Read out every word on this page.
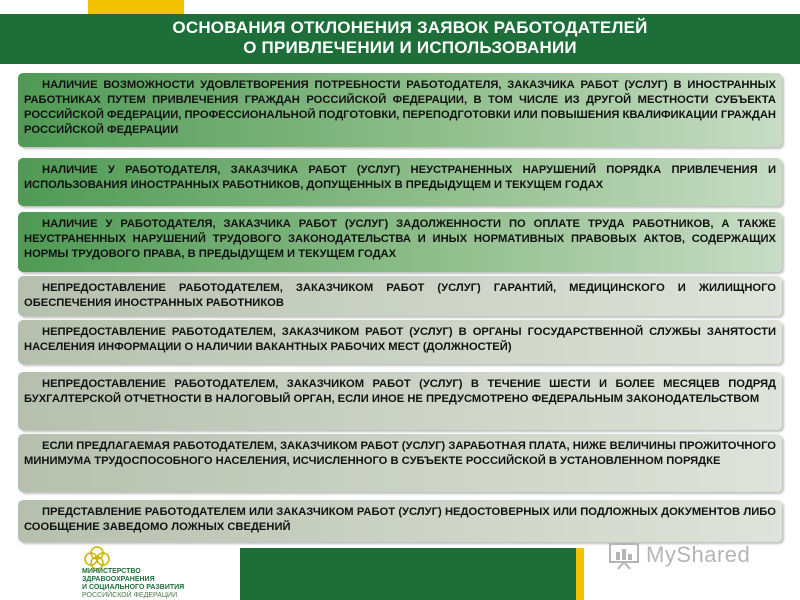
ОСНОВАНИЯ ОТКЛОНЕНИЯ ЗАЯВОК РАБОТОДАТЕЛЕЙ
О ПРИВЛЕЧЕНИИ И ИСПОЛЬЗОВАНИИ
НАЛИЧИЕ ВОЗМОЖНОСТИ УДОВЛЕТВОРЕНИЯ ПОТРЕБНОСТИ РАБОТОДАТЕЛЯ, ЗАКАЗЧИКА РАБОТ (УСЛУГ) В ИНОСТРАННЫХ РАБОТНИКАХ ПУТЕМ ПРИВЛЕЧЕНИЯ ГРАЖДАН РОССИЙСКОЙ ФЕДЕРАЦИИ, В ТОМ ЧИСЛЕ ИЗ ДРУГОЙ МЕСТНОСТИ СУБЪЕКТА РОССИЙСКОЙ ФЕДЕРАЦИИ, ПРОФЕССИОНАЛЬНОЙ ПОДГОТОВКИ, ПЕРЕПОДГОТОВКИ ИЛИ ПОВЫШЕНИЯ КВАЛИФИКАЦИИ ГРАЖДАН РОССИЙСКОЙ ФЕДЕРАЦИИ
НАЛИЧИЕ У РАБОТОДАТЕЛЯ, ЗАКАЗЧИКА РАБОТ (УСЛУГ) НЕУСТРАНЕННЫХ НАРУШЕНИЙ ПОРЯДКА ПРИВЛЕЧЕНИЯ И ИСПОЛЬЗОВАНИЯ ИНОСТРАННЫХ РАБОТНИКОВ, ДОПУЩЕННЫХ В ПРЕДЫДУЩЕМ И ТЕКУЩЕМ ГОДАХ
НАЛИЧИЕ У РАБОТОДАТЕЛЯ, ЗАКАЗЧИКА РАБОТ (УСЛУГ) ЗАДОЛЖЕННОСТИ ПО ОПЛАТЕ ТРУДА РАБОТНИКОВ, А ТАКЖЕ НЕУСТРАНЕННЫХ НАРУШЕНИЙ ТРУДОВОГО ЗАКОНОДАТЕЛЬСТВА И ИНЫХ НОРМАТИВНЫХ ПРАВОВЫХ АКТОВ, СОДЕРЖАЩИХ НОРМЫ ТРУДОВОГО ПРАВА, В ПРЕДЫДУЩЕМ И ТЕКУЩЕМ ГОДАХ
НЕПРЕДОСТАВЛЕНИЕ РАБОТОДАТЕЛЕМ, ЗАКАЗЧИКОМ РАБОТ (УСЛУГ) ГАРАНТИЙ, МЕДИЦИНСКОГО И ЖИЛИЩНОГО ОБЕСПЕЧЕНИЯ ИНОСТРАННЫХ РАБОТНИКОВ
НЕПРЕДОСТАВЛЕНИЕ РАБОТОДАТЕЛЕМ, ЗАКАЗЧИКОМ РАБОТ (УСЛУГ) В ОРГАНЫ ГОСУДАРСТВЕННОЙ СЛУЖБЫ ЗАНЯТОСТИ НАСЕЛЕНИЯ ИНФОРМАЦИИ О НАЛИЧИИ ВАКАНТНЫХ РАБОЧИХ МЕСТ (ДОЛЖНОСТЕЙ)
НЕПРЕДОСТАВЛЕНИЕ РАБОТОДАТЕЛЕМ, ЗАКАЗЧИКОМ РАБОТ (УСЛУГ) В ТЕЧЕНИЕ ШЕСТИ И БОЛЕЕ МЕСЯЦЕВ ПОДРЯД БУХГАЛТЕРСКОЙ ОТЧЕТНОСТИ В НАЛОГОВЫЙ ОРГАН, ЕСЛИ ИНОЕ НЕ ПРЕДУСМОТРЕНО ФЕДЕРАЛЬНЫМ ЗАКОНОДАТЕЛЬСТВОМ
ЕСЛИ ПРЕДЛАГАЕМАЯ РАБОТОДАТЕЛЕМ, ЗАКАЗЧИКОМ РАБОТ (УСЛУГ) ЗАРАБОТНАЯ ПЛАТА, НИЖЕ ВЕЛИЧИНЫ ПРОЖИТОЧНОГО МИНИМУМА ТРУДОСПОСОБНОГО НАСЕЛЕНИЯ, ИСЧИСЛЕННОГО В СУБЪЕКТЕ РОССИЙСКОЙ В УСТАНОВЛЕННОМ ПОРЯДКЕ
ПРЕДСТАВЛЕНИЕ РАБОТОДАТЕЛЕМ ИЛИ ЗАКАЗЧИКОМ РАБОТ (УСЛУГ) НЕДОСТОВЕРНЫХ ИЛИ ПОДЛОЖНЫХ ДОКУМЕНТОВ ЛИБО СООБЩЕНИЕ ЗАВЕДОМО ЛОЖНЫХ СВЕДЕНИЙ
МИНИСТЕРСТВО
ЗДРАВООХРАНЕНИЯ
И СОЦИАЛЬНОГО РАЗВИТИЯ
РОССИЙСКОЙ ФЕДЕРАЦИИ
MyShared
